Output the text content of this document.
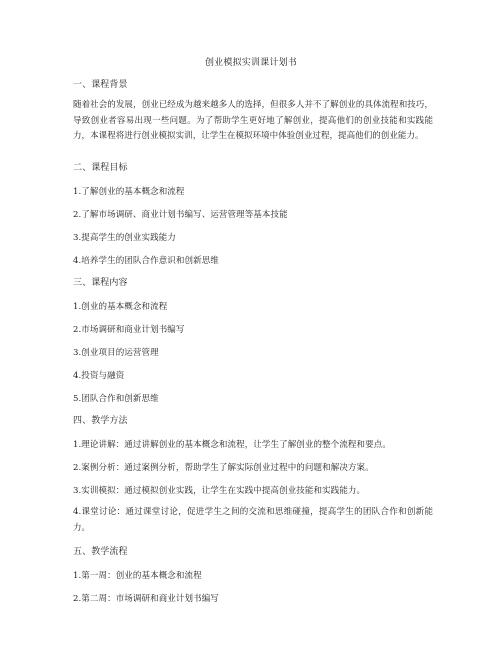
创业模拟实训课计划书
一、课程背景
随着社会的发展，创业已经成为越来越多人的选择，但很多人并不了解创业的具体流程和技巧，导致创业者容易出现一些问题。为了帮助学生更好地了解创业，提高他们的创业技能和实践能力，本课程将进行创业模拟实训，让学生在模拟环境中体验创业过程，提高他们的创业能力。
二、课程目标
1.了解创业的基本概念和流程
2.了解市场调研、商业计划书编写、运营管理等基本技能
3.提高学生的创业实践能力
4.培养学生的团队合作意识和创新思维
三、课程内容
1.创业的基本概念和流程
2.市场调研和商业计划书编写
3.创业项目的运营管理
4.投资与融资
5.团队合作和创新思维
四、教学方法
1.理论讲解：通过讲解创业的基本概念和流程，让学生了解创业的整个流程和要点。
2.案例分析：通过案例分析，帮助学生了解实际创业过程中的问题和解决方案。
3.实训模拟：通过模拟创业实践，让学生在实践中提高创业技能和实践能力。
4.课堂讨论：通过课堂讨论，促进学生之间的交流和思维碰撞，提高学生的团队合作和创新能力。
五、教学流程
1.第一周：创业的基本概念和流程
2.第二周：市场调研和商业计划书编写
